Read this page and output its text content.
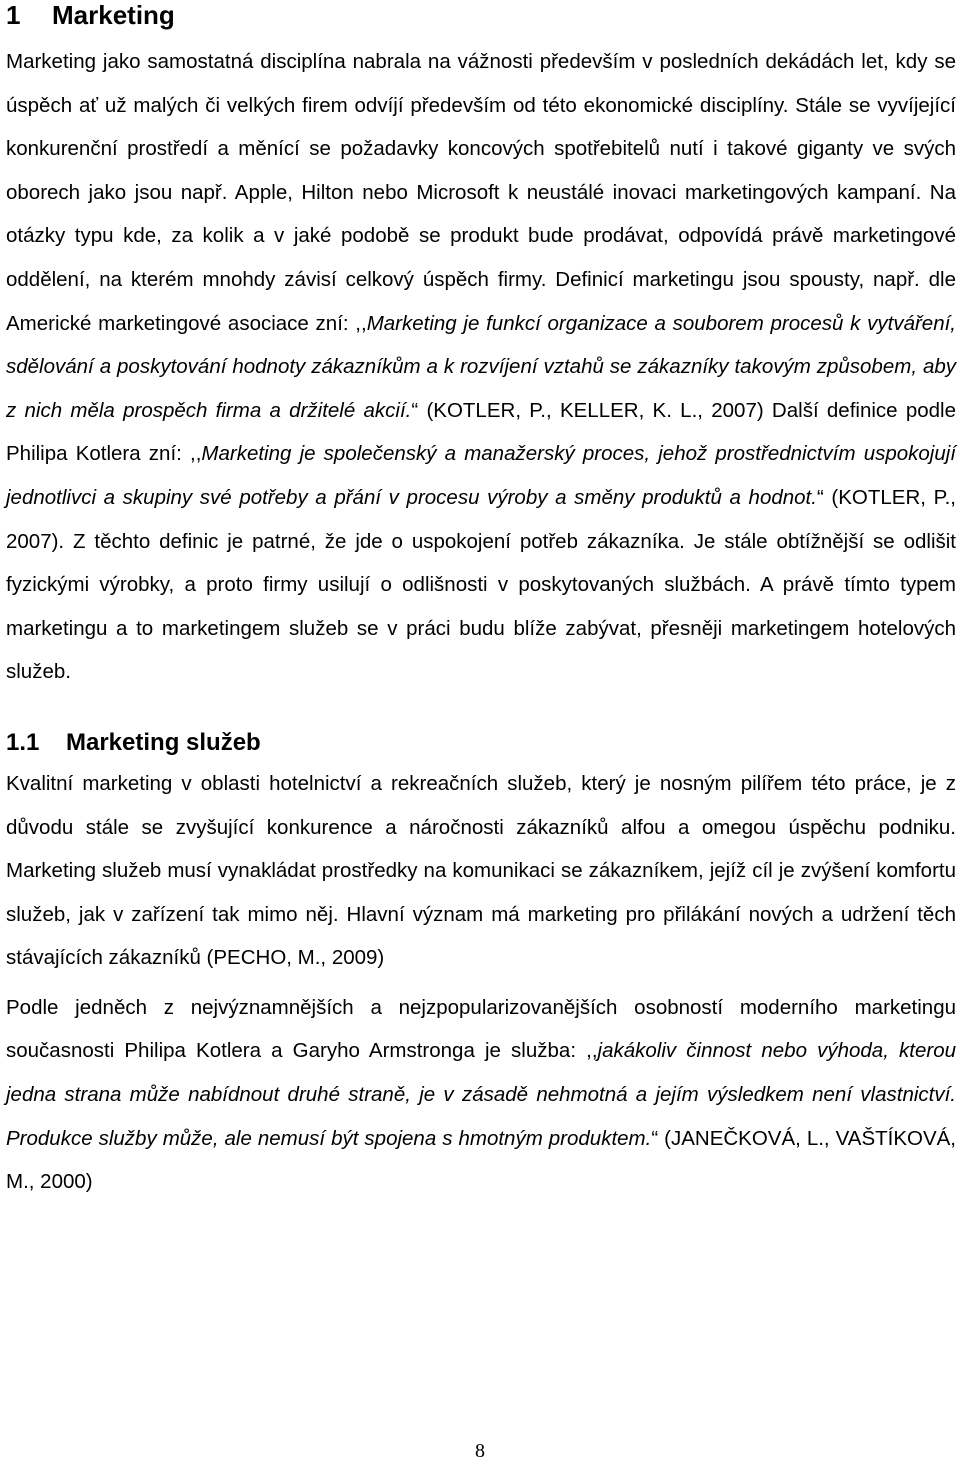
1 Marketing

Marketing jako samostatná disciplína nabrala na vážnosti především v posledních dekádách let, kdy se úspěch ať už malých či velkých firem odvíjí především od této ekonomické disciplíny. Stále se vyvíjející konkurenční prostředí a měnící se požadavky koncových spotřebitelů nutí i takové giganty ve svých oborech jako jsou např. Apple, Hilton nebo Microsoft k neustálé inovaci marketingových kampaní. Na otázky typu kde, za kolik a v jaké podobě se produkt bude prodávat, odpovídá právě marketingové oddělení, na kterém mnohdy závisí celkový úspěch firmy. Definicí marketingu jsou spousty, např. dle Americké marketingové asociace zní: ,,Marketing je funkcí organizace a souborem procesů k vytváření, sdělování a poskytování hodnoty zákazníkům a k rozvíjení vztahů se zákazníky takovým způsobem, aby z nich měla prospěch firma a držitelé akcií.“ (KOTLER, P., KELLER, K. L., 2007) Další definice podle Philipa Kotlera zní: ,,Marketing je společenský a manažerský proces, jehož prostřednictvím uspokojují jednotlivci a skupiny své potřeby a přání v procesu výroby a směny produktů a hodnot.“ (KOTLER, P., 2007). Z těchto definic je patrné, že jde o uspokojení potřeb zákazníka. Je stále obtížnější se odlišit fyzickými výrobky, a proto firmy usilují o odlišnosti v poskytovaných službách. A právě tímto typem marketingu a to marketingem služeb se v práci budu blíže zabývat, přesněji marketingem hotelových služeb.

1.1 Marketing služeb

Kvalitní marketing v oblasti hotelnictví a rekreačních služeb, který je nosným pilířem této práce, je z důvodu stále se zvyšující konkurence a náročnosti zákazníků alfou a omegou úspěchu podniku. Marketing služeb musí vynakládat prostředky na komunikaci se zákazníkem, jejíž cíl je zvýšení komfortu služeb, jak v zařízení tak mimo něj. Hlavní význam má marketing pro přilákání nových a udržení těch stávajících zákazníků (PECHO, M., 2009)

Podle jedněch z nejvýznamnějších a nejzpopularizovanějších osobností moderního marketingu současnosti Philipa Kotlera a Garyho Armstronga je služba: ,,jakákoliv činnost nebo výhoda, kterou jedna strana může nabídnout druhé straně, je v zásadě nehmotná a jejím výsledkem není vlastnictví. Produkce služby může, ale nemusí být spojena s hmotným produktem.“ (JANEČKOVÁ, L., VAŠTÍKOVÁ, M., 2000)

8
